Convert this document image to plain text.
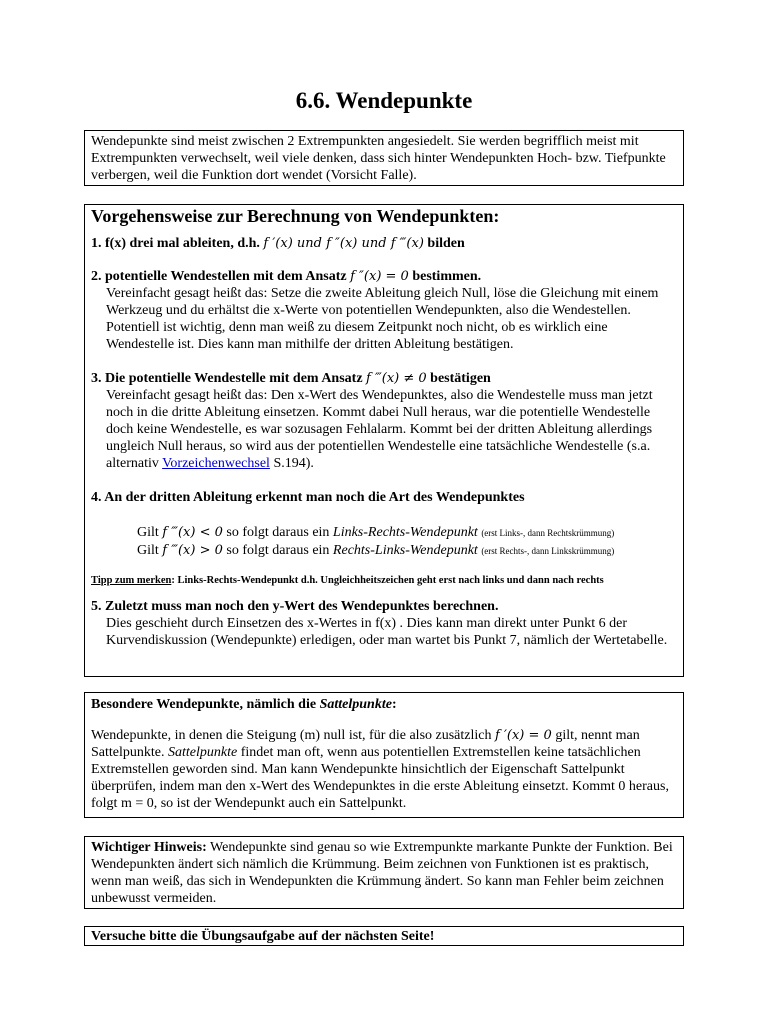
6.6. Wendepunkte
Wendepunkte sind meist zwischen 2 Extrempunkten angesiedelt. Sie werden begrifflich meist mit Extrempunkten verwechselt, weil viele denken, dass sich hinter Wendepunkten Hoch- bzw. Tiefpunkte verbergen, weil die Funktion dort wendet (Vorsicht Falle).
Vorgehensweise zur Berechnung von Wendepunkten:
1. f(x) drei mal ableiten, d.h. f ′(x) und f ″(x) und f ‴(x) bilden
2. potentielle Wendestellen mit dem Ansatz f ″(x) = 0 bestimmen.
Vereinfacht gesagt heißt das: Setze die zweite Ableitung gleich Null, löse die Gleichung mit einem Werkzeug und du erhältst die x-Werte von potentiellen Wendepunkten, also die Wendestellen. Potentiell ist wichtig, denn man weiß zu diesem Zeitpunkt noch nicht, ob es wirklich eine Wendestelle ist. Dies kann man mithilfe der dritten Ableitung bestätigen.
3. Die potentielle Wendestelle mit dem Ansatz f ‴(x) ≠ 0 bestätigen
Vereinfacht gesagt heißt das: Den x-Wert des Wendepunktes, also die Wendestelle muss man jetzt noch in die dritte Ableitung einsetzen. Kommt dabei Null heraus, war die potentielle Wendestelle doch keine Wendestelle, es war sozusagen Fehlalarm. Kommt bei der dritten Ableitung allerdings ungleich Null heraus, so wird aus der potentiellen Wendestelle eine tatsächliche Wendestelle (s.a. alternativ Vorzeichenwechsel S.194).
4. An der dritten Ableitung erkennt man noch die Art des Wendepunktes
Gilt f ‴(x) < 0 so folgt daraus ein Links-Rechts-Wendepunkt (erst Links-, dann Rechtskrümmung)
Gilt f ‴(x) > 0 so folgt daraus ein Rechts-Links-Wendepunkt (erst Rechts-, dann Linkskrümmung)
Tipp zum merken: Links-Rechts-Wendepunkt d.h. Ungleichheitszeichen geht erst nach links und dann nach rechts
5. Zuletzt muss man noch den y-Wert des Wendepunktes berechnen.
Dies geschieht durch Einsetzen des x-Wertes in f(x) . Dies kann man direkt unter Punkt 6 der Kurvendiskussion (Wendepunkte) erledigen, oder man wartet bis Punkt 7, nämlich der Wertetabelle.
Besondere Wendepunkte, nämlich die Sattelpunkte:
Wendepunkte, in denen die Steigung (m) null ist, für die also zusätzlich f ′(x) = 0 gilt, nennt man Sattelpunkte. Sattelpunkte findet man oft, wenn aus potentiellen Extremstellen keine tatsächlichen Extremstellen geworden sind. Man kann Wendepunkte hinsichtlich der Eigenschaft Sattelpunkt überprüfen, indem man den x-Wert des Wendepunktes in die erste Ableitung einsetzt. Kommt 0 heraus, folgt m = 0, so ist der Wendepunkt auch ein Sattelpunkt.
Wichtiger Hinweis: Wendepunkte sind genau so wie Extrempunkte markante Punkte der Funktion. Bei Wendepunkten ändert sich nämlich die Krümmung. Beim zeichnen von Funktionen ist es praktisch, wenn man weiß, das sich in Wendepunkten die Krümmung ändert. So kann man Fehler beim zeichnen unbewusst vermeiden.
Versuche bitte die Übungsaufgabe auf der nächsten Seite!
